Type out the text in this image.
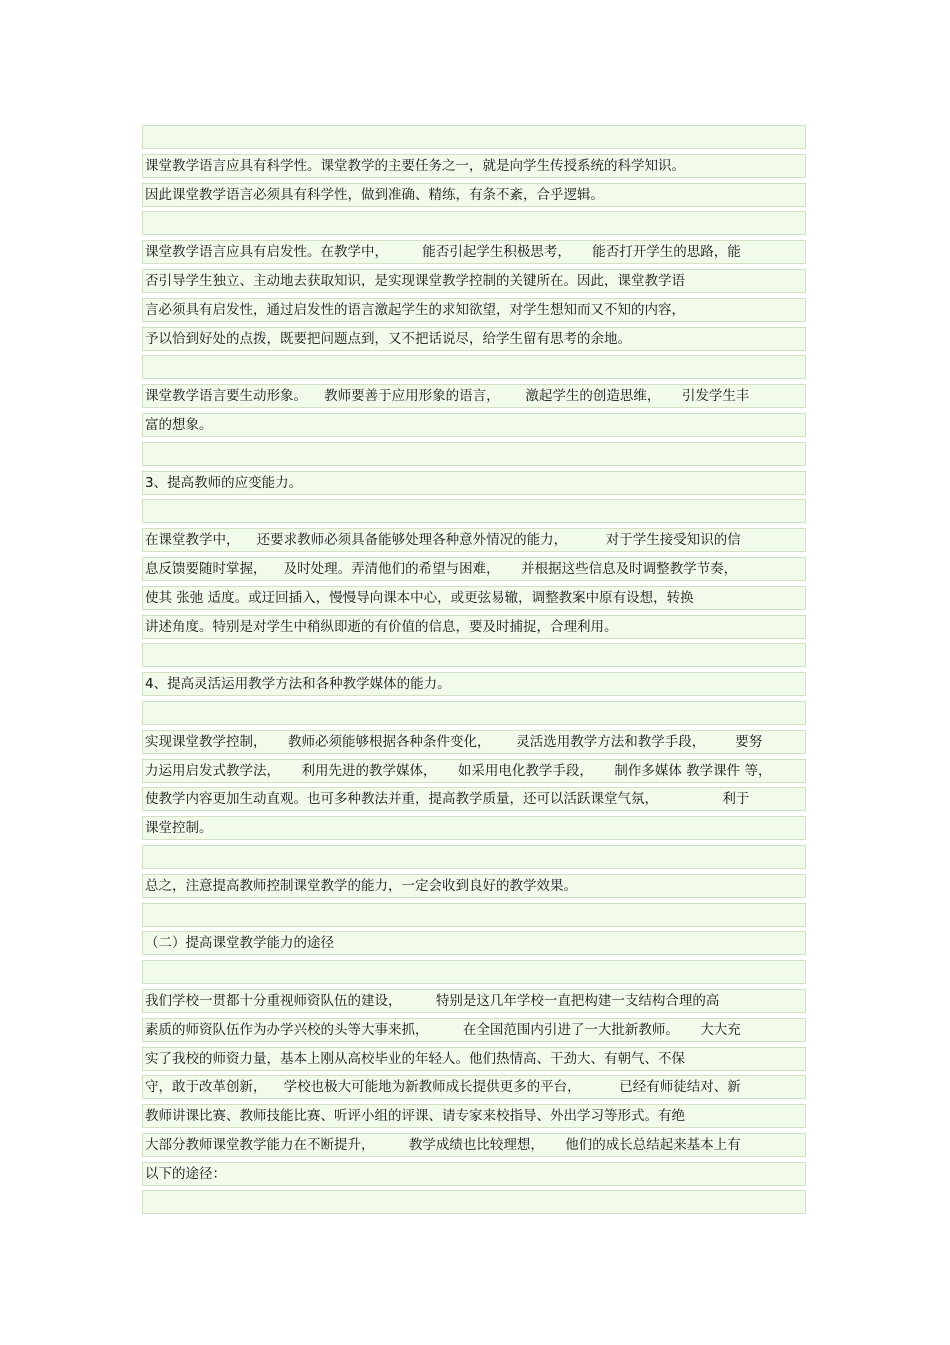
课堂教学语言应具有科学性。课堂教学的主要任务之一，就是向学生传授系统的科学知识。
因此课堂教学语言必须具有科学性，做到准确、精练，有条不紊，合乎逻辑。
课堂教学语言应具有启发性。在教学中，        能否引起学生积极思考，     能否打开学生的思路，能
否引导学生独立、主动地去获取知识，是实现课堂教学控制的关键所在。因此，课堂教学语
言必须具有启发性，通过启发性的语言激起学生的求知欲望，对学生想知而又不知的内容，
予以恰到好处的点拨，既要把问题点到，又不把话说尽，给学生留有思考的余地。
课堂教学语言要生动形象。    教师要善于应用形象的语言，      激起学生的创造思维，     引发学生丰
富的想象。
3、提高教师的应变能力。
在课堂教学中，    还要求教师必须具备能够处理各种意外情况的能力，         对于学生接受知识的信
息反馈要随时掌握，    及时处理。弄清他们的希望与困难，     并根据这些信息及时调整教学节奏，
使其 张弛 适度。或迂回插入，慢慢导向课本中心，或更弦易辙，调整教案中原有设想，转换
讲述角度。特别是对学生中稍纵即逝的有价值的信息，要及时捕捉，合理利用。
4、提高灵活运用教学方法和各种教学媒体的能力。
实现课堂教学控制，     教师必须能够根据各种条件变化，      灵活选用教学方法和教学手段，       要努
力运用启发式教学法，     利用先进的教学媒体，     如采用电化教学手段，     制作多媒体 教学课件 等，
使教学内容更加生动直观。也可多种教法并重，提高教学质量，还可以活跃课堂气氛，               利于
课堂控制。
总之，注意提高教师控制课堂教学的能力，一定会收到良好的教学效果。
（二）提高课堂教学能力的途径
我们学校一贯都十分重视师资队伍的建设，        特别是这几年学校一直把构建一支结构合理的高
素质的师资队伍作为办学兴校的头等大事来抓，        在全国范围内引进了一大批新教师。     大大充
实了我校的师资力量，基本上刚从高校毕业的年轻人。他们热情高、干劲大、有朝气、不保
守，敢于改革创新，    学校也极大可能地为新教师成长提供更多的平台，         已经有师徒结对、新
教师讲课比赛、教师技能比赛、听评小组的评课、请专家来校指导、外出学习等形式。有绝
大部分教师课堂教学能力在不断提升，        教学成绩也比较理想，     他们的成长总结起来基本上有
以下的途径：
